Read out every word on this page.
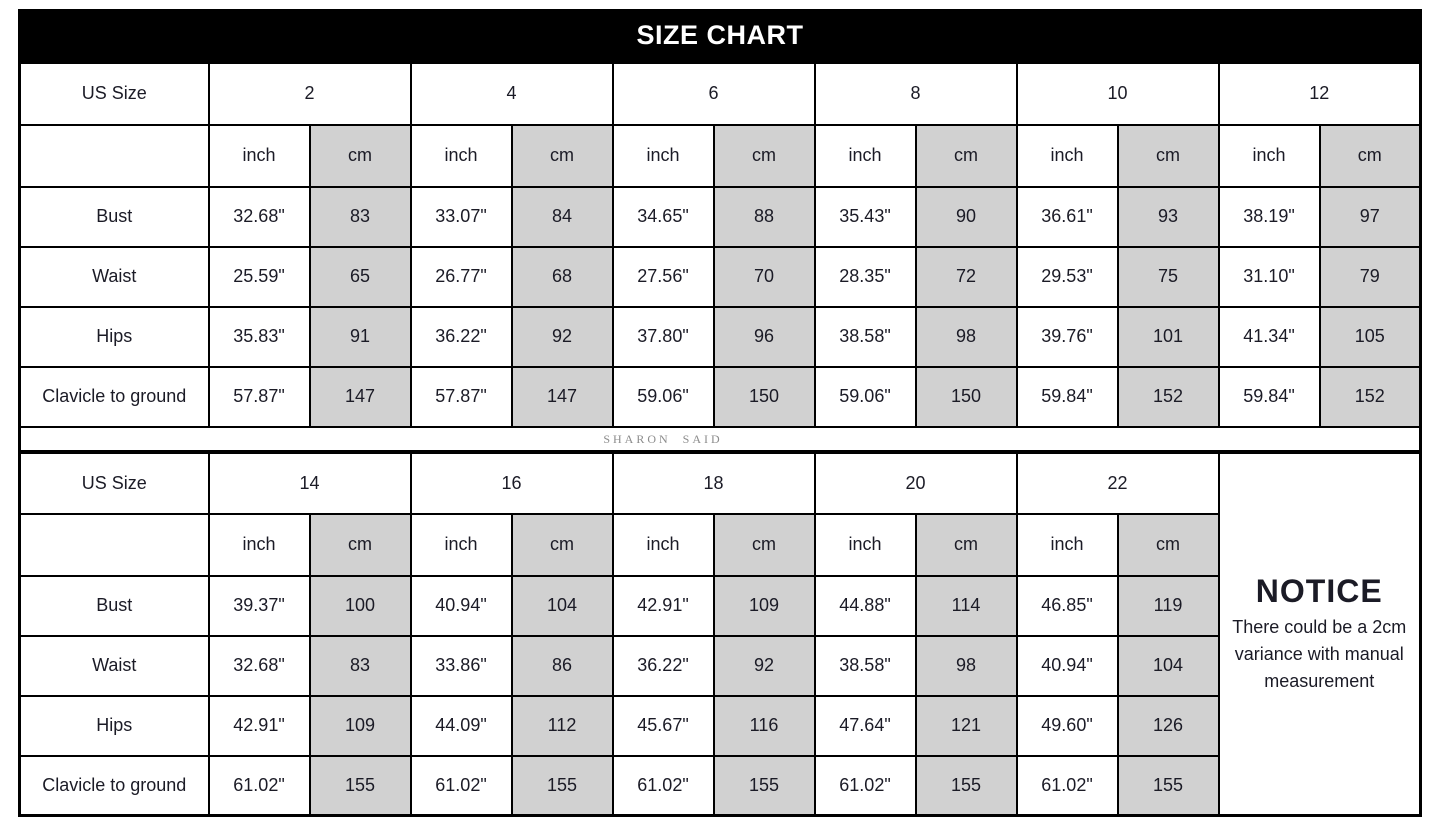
SIZE CHART
US Size	2		4		6		8		10		12	
	inch	cm	inch	cm	inch	cm	inch	cm	inch	cm	inch	cm
Bust	32.68"	83	33.07"	84	34.65"	88	35.43"	90	36.61"	93	38.19"	97
Waist	25.59"	65	26.77"	68	27.56"	70	28.35"	72	29.53"	75	31.10"	79
Hips	35.83"	91	36.22"	92	37.80"	96	38.58"	98	39.76"	101	41.34"	105
Clavicle to ground	57.87"	147	57.87"	147	59.06"	150	59.06"	150	59.84"	152	59.84"	152
SHARON SAID
US Size	14		16		18		20		22		NOTICE
There could be a 2cm variance with manual measurement

	inch	cm	inch	cm	inch	cm	inch	cm	inch	cm	
Bust	39.37"	100	40.94"	104	42.91"	109	44.88"	114	46.85"	119	
Waist	32.68"	83	33.86"	86	36.22"	92	38.58"	98	40.94"	104	
Hips	42.91"	109	44.09"	112	45.67"	116	47.64"	121	49.60"	126	
Clavicle to ground	61.02"	155	61.02"	155	61.02"	155	61.02"	155	61.02"	155	
